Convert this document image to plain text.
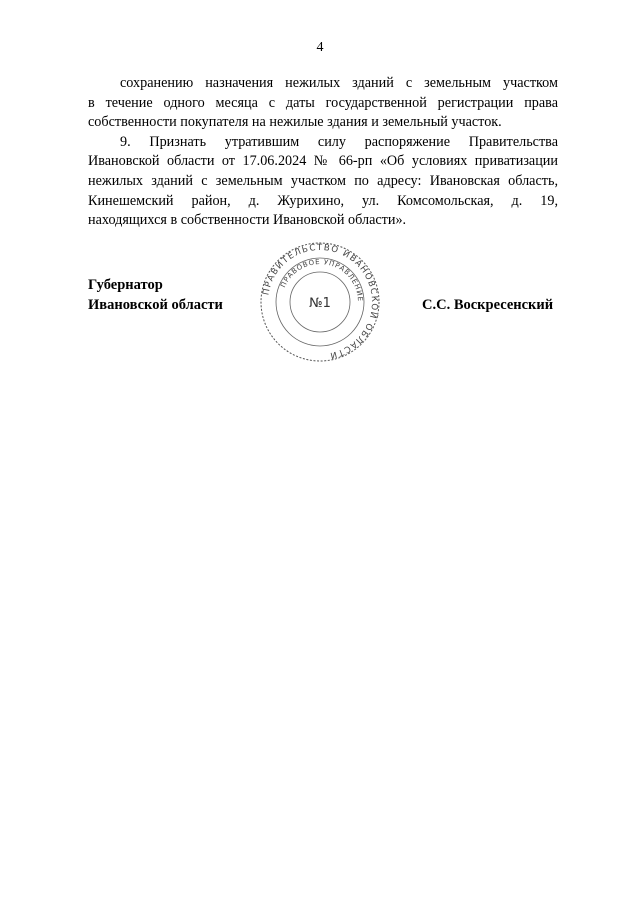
4

сохранению назначения нежилых зданий с земельным участком
в течение одного месяца с даты государственной регистрации права
собственности покупателя на нежилые здания и земельный участок.

9. Признать утратившим силу распоряжение Правительства
Ивановской области от 17.06.2024 № 66-рп «Об условиях приватизации
нежилых зданий с земельным участком по адресу: Ивановская область,
Кинешемский район, д. Журихино, ул. Комсомольская, д. 19,
находящихся в собственности Ивановской области».

Губернатор
Ивановской области
ПРАВИТЕЛЬСТВО ИВАНОВСКОЙ ОБЛАСТИ
ПРАВОВОЕ УПРАВЛЕНИЕ
№1	С.С. Воскресенский
